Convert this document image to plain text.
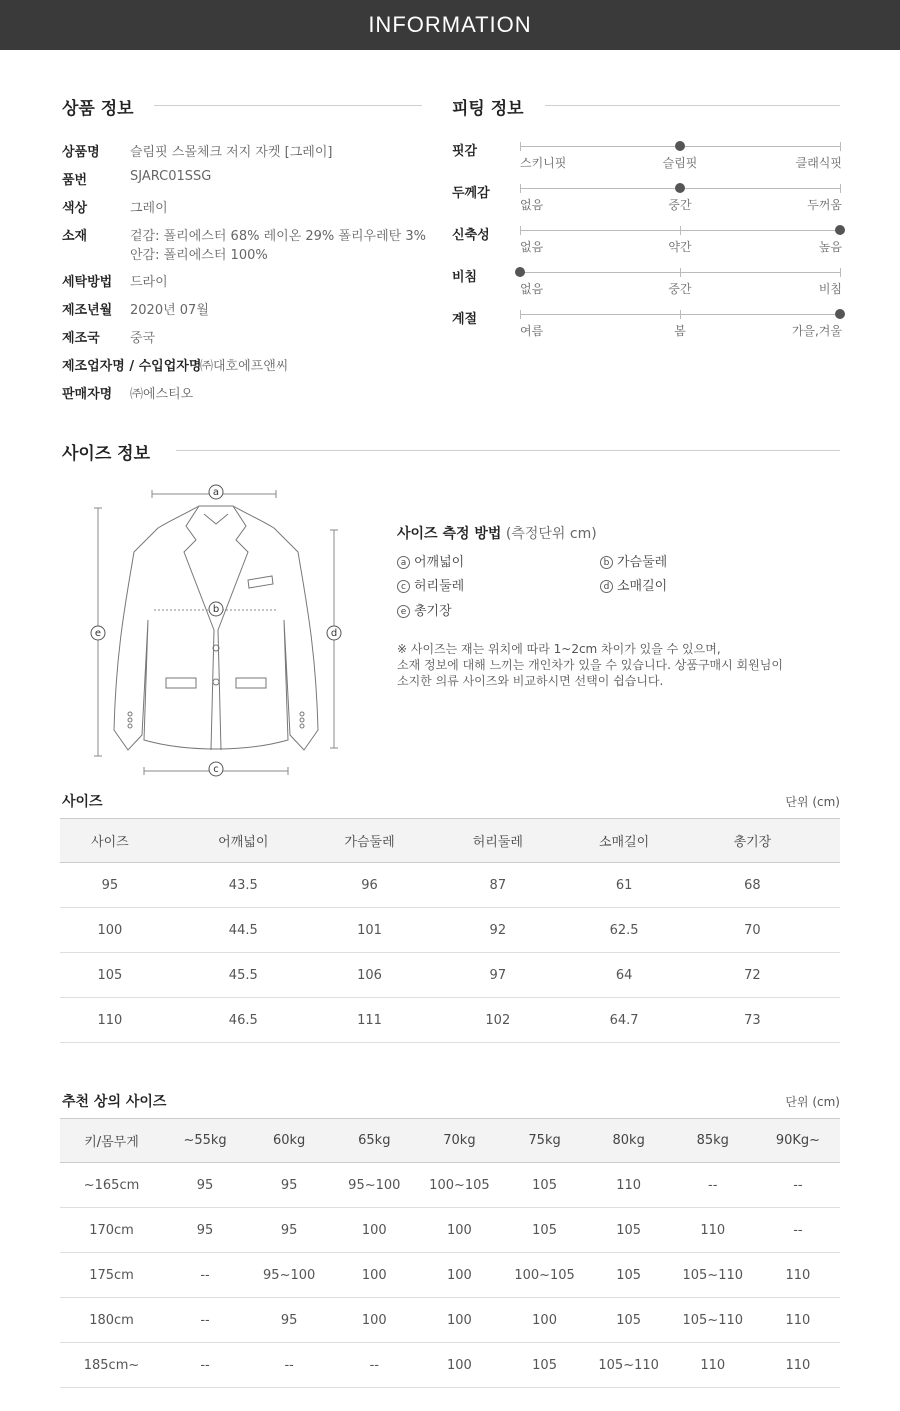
INFORMATION
상품 정보
상품명 슬림핏 스몰체크 저지 자켓 [그레이]
품번	SJARC01SSG
색상	그레이
소재	겉감: 폴리에스터 68% 레이온 29% 폴리우레탄 3%
안감: 폴리에스터 100%
세탁방법 드라이
제조년월 2020년 07월
제조국 중국
제조업자명 / 수입업자명
㈜대호에프앤씨
판매자명 ㈜에스티오
피팅 정보
핏감
스키니핏	슬림핏	클래식핏
두께감
없음	중간	두꺼움
신축성
없음	약간	높음
비침
없음	중간	비침
계절
여름	봄	가을,겨울
사이즈 정보
a
b
c
e	d
사이즈 측정 방법 (측정단위 cm)
a 어깨넓이	b 가슴둘레
c 허리둘레	d 소매길이
e 총기장
※ 사이즈는 재는 위치에 따라 1~2cm 차이가 있을 수 있으며,
소재 정보에 대해 느끼는 개인차가 있을 수 있습니다. 상품구매시 회원님이
소지한 의류 사이즈와 비교하시면 선택이 쉽습니다.
사이즈	단위 (cm)
사이즈	어깨넓이	가슴둘레	허리둘레	소매길이	총기장
95	43.5	96	87	61	68
100	44.5	101	92	62.5	70
105	45.5	106	97	64	72
110	46.5	111	102	64.7	73
추천 상의 사이즈	단위 (cm)
키/몸무게	~55kg	60kg	65kg	70kg	75kg	80kg	85kg	90Kg~
~165cm	95	95	95~100	100~105	105	110	--	--
170cm	95	95	100	100	105	105	110	--
175cm	--	95~100	100	100	100~105	105	105~110	110
180cm	--	95	100	100	100	105	105~110	110
185cm~	--	--	--	100	105	105~110	110	110
